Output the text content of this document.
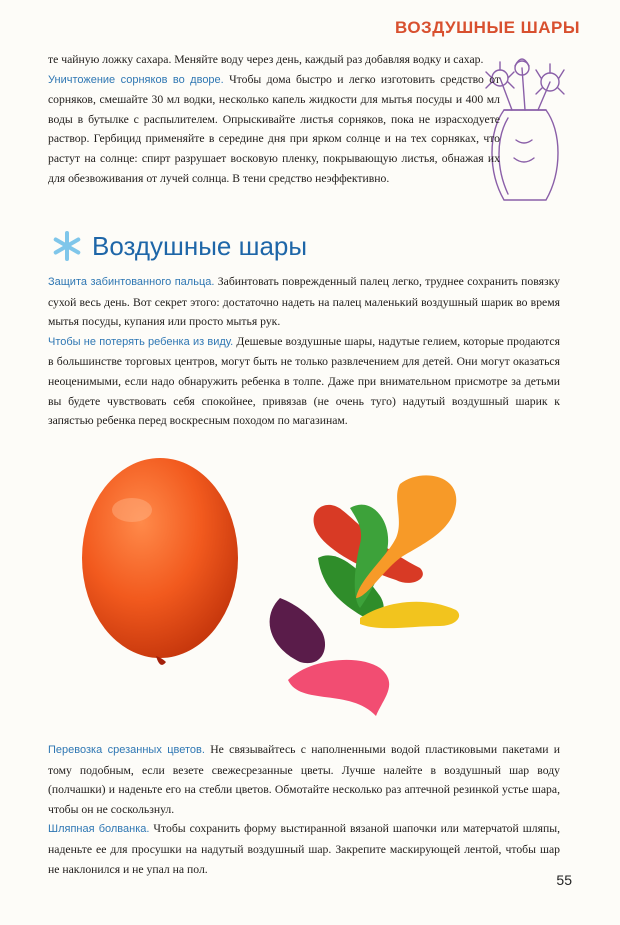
ВОЗДУШНЫЕ ШАРЫ

те чайную ложку сахара. Меняйте воду через день, каждый раз добавляя водку и сахар.

Уничтожение сорняков во дворе. Чтобы дома быстро и легко изготовить средство от сорняков, смешайте 30 мл водки, несколько капель жидкости для мытья посуды и 400 мл воды в бутылке с распылителем. Опрыскивайте листья сорняков, пока не израсходуете раствор. Гербицид применяйте в середине дня при ярком солнце и на тех сорняках, что растут на солнце: спирт разрушает восковую пленку, покрывающую листья, обнажая их для обезвоживания от лучей солнца. В тени средство неэффективно.

Воздушные шары

Защита забинтованного пальца. Забинтовать поврежденный палец легко, труднее сохранить повязку сухой весь день. Вот секрет этого: достаточно надеть на палец маленький воздушный шарик во время мытья посуды, купания или просто мытья рук.

Чтобы не потерять ребенка из виду. Дешевые воздушные шары, надутые гелием, которые продаются в большинстве торговых центров, могут быть не только развлечением для детей. Они могут оказаться неоценимыми, если надо обнаружить ребенка в толпе. Даже при внимательном присмотре за детьми вы будете чувствовать себя спокойнее, привязав (не очень туго) надутый воздушный шарик к запястью ребенка перед воскресным походом по магазинам.

Перевозка срезанных цветов. Не связывайтесь с наполненными водой пластиковыми пакетами и тому подобным, если везете свежесрезанные цветы. Лучше налейте в воздушный шар воду (полчашки) и наденьте его на стебли цветов. Обмотайте несколько раз аптечной резинкой устье шара, чтобы он не соскользнул.

Шляпная болванка. Чтобы сохранить форму выстиранной вязаной шапочки или матерчатой шляпы, наденьте ее для просушки на надутый воздушный шар. Закрепите маскирующей лентой, чтобы шар не наклонился и не упал на пол.

55
